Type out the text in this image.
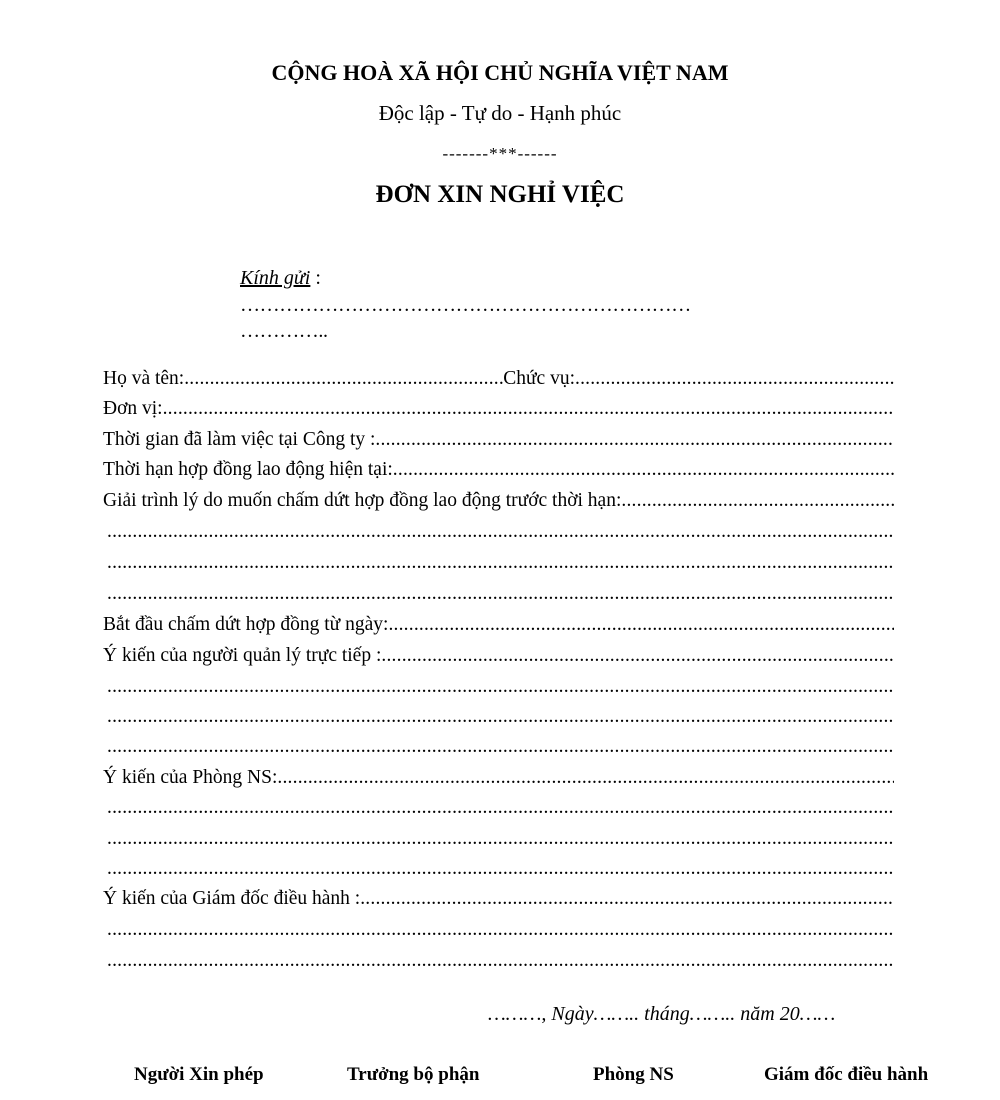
CỘNG HOÀ XÃ HỘI CHỦ NGHĨA VIỆT NAM
Độc lập - Tự do - Hạnh phúc
-------***------
ĐƠN XIN NGHỈ VIỆC
Kính gửi :
……………………………………………………………
…………..
Họ và tên:
.....	Chức vụ:
.....
Đơn vị:
.....
Thời gian đã làm việc tại Công ty :
.....
Thời hạn hợp đồng lao động hiện tại:
.....
Giải trình lý do muốn chấm dứt hợp đồng lao động trước thời hạn:
.....
.....
.....
.....
Bắt đầu chấm dứt hợp đồng từ ngày:
.....
Ý kiến của người quản lý trực tiếp :
.....
.....
.....
.....
Ý kiến của Phòng NS:
.....
.....
.....
.....
Ý kiến của Giám đốc điều hành :
.....
.....
.....
………, Ngày…….. tháng…….. năm 20……
Người Xin phép	Trưởng bộ phận	Phòng NS	Giám đốc điều hành
